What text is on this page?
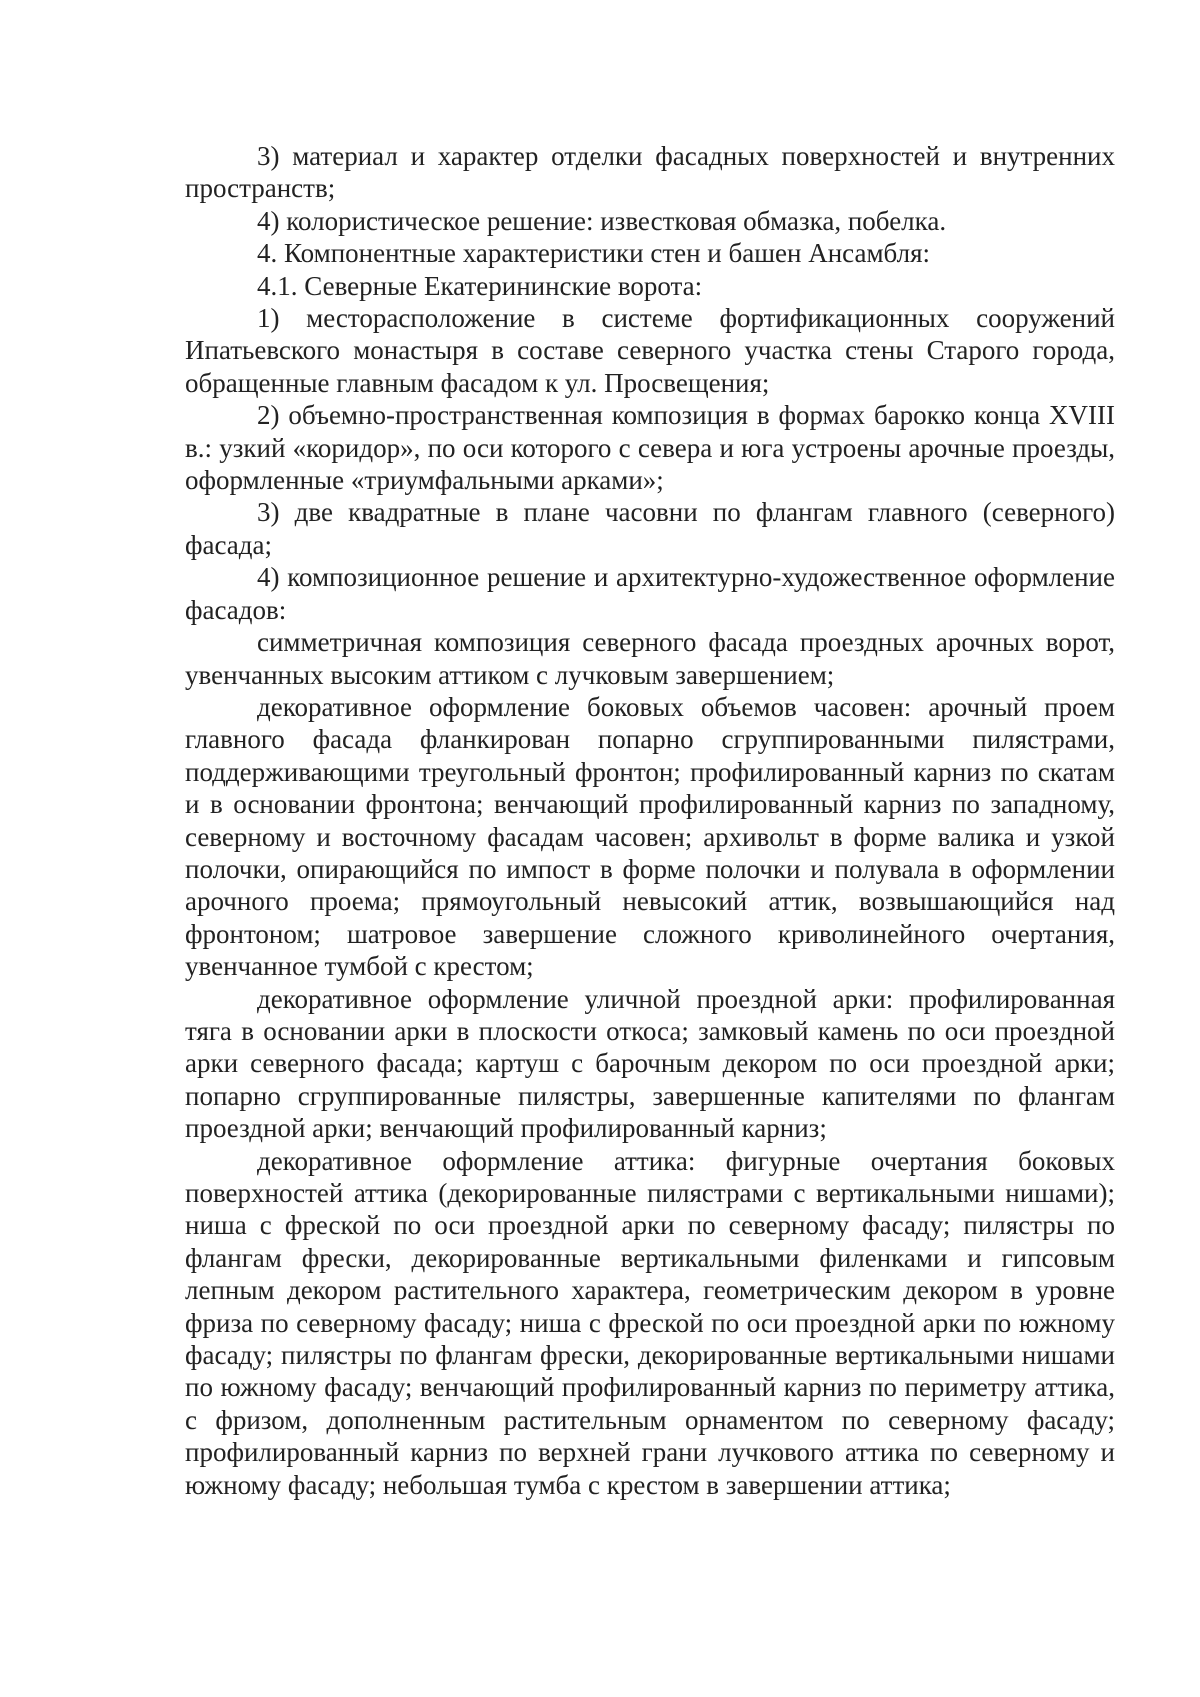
3) материал и характер отделки фасадных поверхностей и внутренних пространств;

4) колористическое решение: известковая обмазка, побелка.

4. Компонентные характеристики стен и башен Ансамбля:

4.1. Северные Екатерининские ворота:

1) месторасположение в системе фортификационных сооружений Ипатьевского монастыря в составе северного участка стены Старого города, обращенные главным фасадом к ул. Просвещения;

2) объемно-пространственная композиция в формах барокко конца XVIII в.: узкий «коридор», по оси которого с севера и юга устроены арочные проезды, оформленные «триумфальными арками»;

3) две квадратные в плане часовни по флангам главного (северного) фасада;

4) композиционное решение и архитектурно-художественное оформление фасадов:

симметричная композиция северного фасада проездных арочных ворот, увенчанных высоким аттиком с лучковым завершением;

декоративное оформление боковых объемов часовен: арочный проем главного фасада фланкирован попарно сгруппированными пилястрами, поддерживающими треугольный фронтон; профилированный карниз по скатам и в основании фронтона; венчающий профилированный карниз по западному, северному и восточному фасадам часовен; архивольт в форме валика и узкой полочки, опирающийся по импост в форме полочки и полувала в оформлении арочного проема; прямоугольный невысокий аттик, возвышающийся над фронтоном; шатровое завершение сложного криволинейного очертания, увенчанное тумбой с крестом;

декоративное оформление уличной проездной арки: профилированная тяга в основании арки в плоскости откоса; замковый камень по оси проездной арки северного фасада; картуш с барочным декором по оси проездной арки; попарно сгруппированные пилястры, завершенные капителями по флангам проездной арки; венчающий профилированный карниз;

декоративное оформление аттика: фигурные очертания боковых поверхностей аттика (декорированные пилястрами с вертикальными нишами); ниша с фреской по оси проездной арки по северному фасаду; пилястры по флангам фрески, декорированные вертикальными филенками и гипсовым лепным декором растительного характера, геометрическим декором в уровне фриза по северному фасаду; ниша с фреской по оси проездной арки по южному фасаду; пилястры по флангам фрески, декорированные вертикальными нишами по южному фасаду; венчающий профилированный карниз по периметру аттика, с фризом, дополненным растительным орнаментом по северному фасаду; профилированный карниз по верхней грани лучкового аттика по северному и южному фасаду; небольшая тумба с крестом в завершении аттика;
